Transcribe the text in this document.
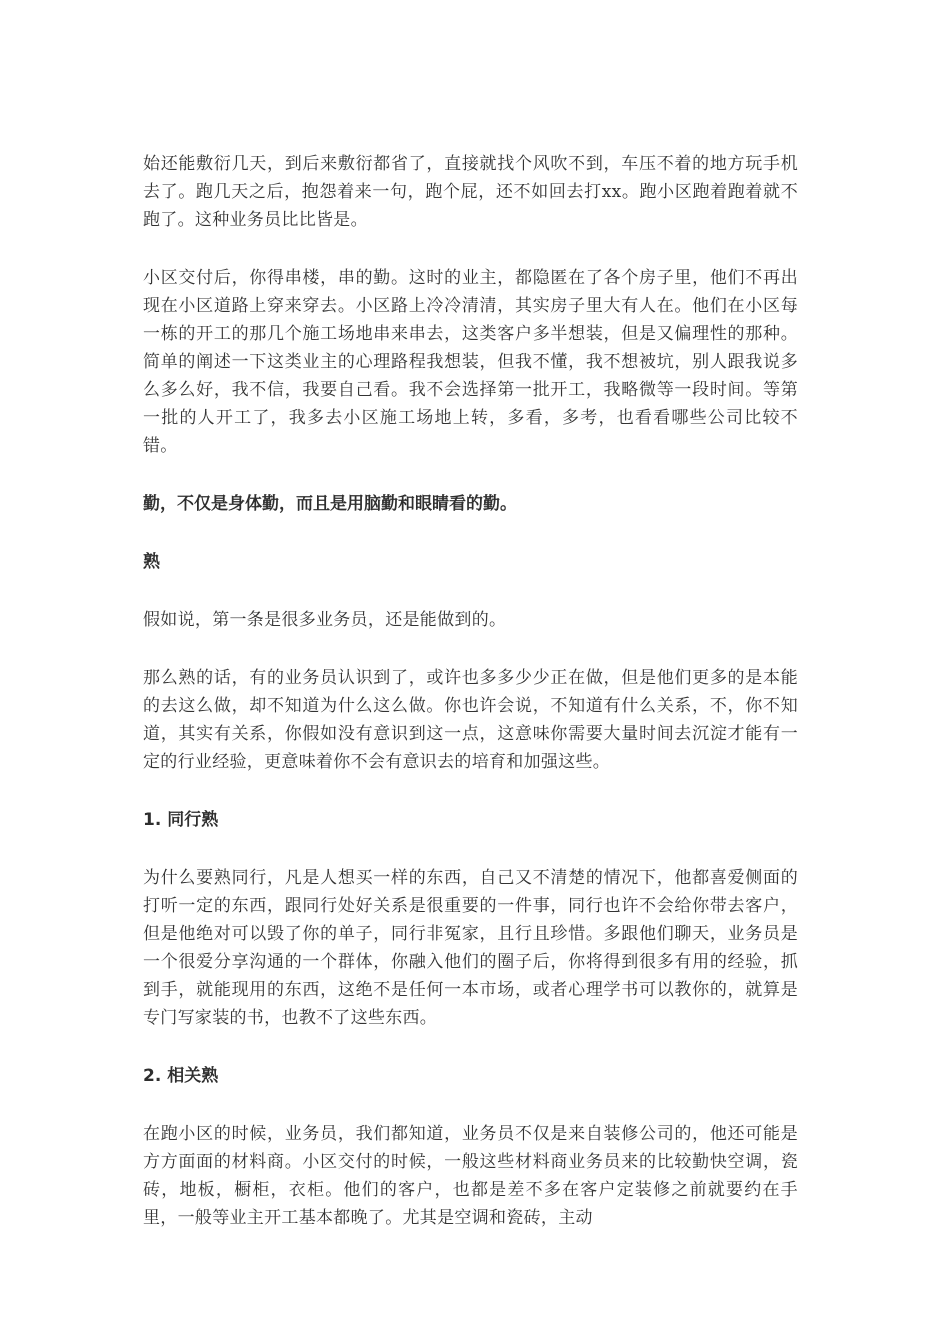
始还能敷衍几天，到后来敷衍都省了，直接就找个风吹不到，车压不着的地方玩手机去了。跑几天之后，抱怨着来一句，跑个屁，还不如回去打xx。跑小区跑着跑着就不跑了。这种业务员比比皆是。

小区交付后，你得串楼，串的勤。这时的业主，都隐匿在了各个房子里，他们不再出现在小区道路上穿来穿去。小区路上冷冷清清，其实房子里大有人在。他们在小区每一栋的开工的那几个施工场地串来串去，这类客户多半想装，但是又偏理性的那种。简单的阐述一下这类业主的心理路程我想装，但我不懂，我不想被坑，别人跟我说多么多么好，我不信，我要自己看。我不会选择第一批开工，我略微等一段时间。等第一批的人开工了，我多去小区施工场地上转，多看，多考，也看看哪些公司比较不错。

勤，不仅是身体勤，而且是用脑勤和眼睛看的勤。

熟

假如说，第一条是很多业务员，还是能做到的。

那么熟的话，有的业务员认识到了，或许也多多少少正在做，但是他们更多的是本能的去这么做，却不知道为什么这么做。你也许会说，不知道有什么关系，不，你不知道，其实有关系，你假如没有意识到这一点，这意味你需要大量时间去沉淀才能有一定的行业经验，更意味着你不会有意识去的培育和加强这些。

1. 同行熟

为什么要熟同行，凡是人想买一样的东西，自己又不清楚的情况下，他都喜爱侧面的打听一定的东西，跟同行处好关系是很重要的一件事，同行也许不会给你带去客户，但是他绝对可以毁了你的单子，同行非冤家，且行且珍惜。多跟他们聊天，业务员是一个很爱分享沟通的一个群体，你融入他们的圈子后，你将得到很多有用的经验，抓到手，就能现用的东西，这绝不是任何一本市场，或者心理学书可以教你的，就算是专门写家装的书，也教不了这些东西。

2. 相关熟

在跑小区的时候，业务员，我们都知道，业务员不仅是来自装修公司的，他还可能是方方面面的材料商。小区交付的时候，一般这些材料商业务员来的比较勤快空调，瓷砖，地板，橱柜，衣柜。他们的客户，也都是差不多在客户定装修之前就要约在手里，一般等业主开工基本都晚了。尤其是空调和瓷砖，主动
